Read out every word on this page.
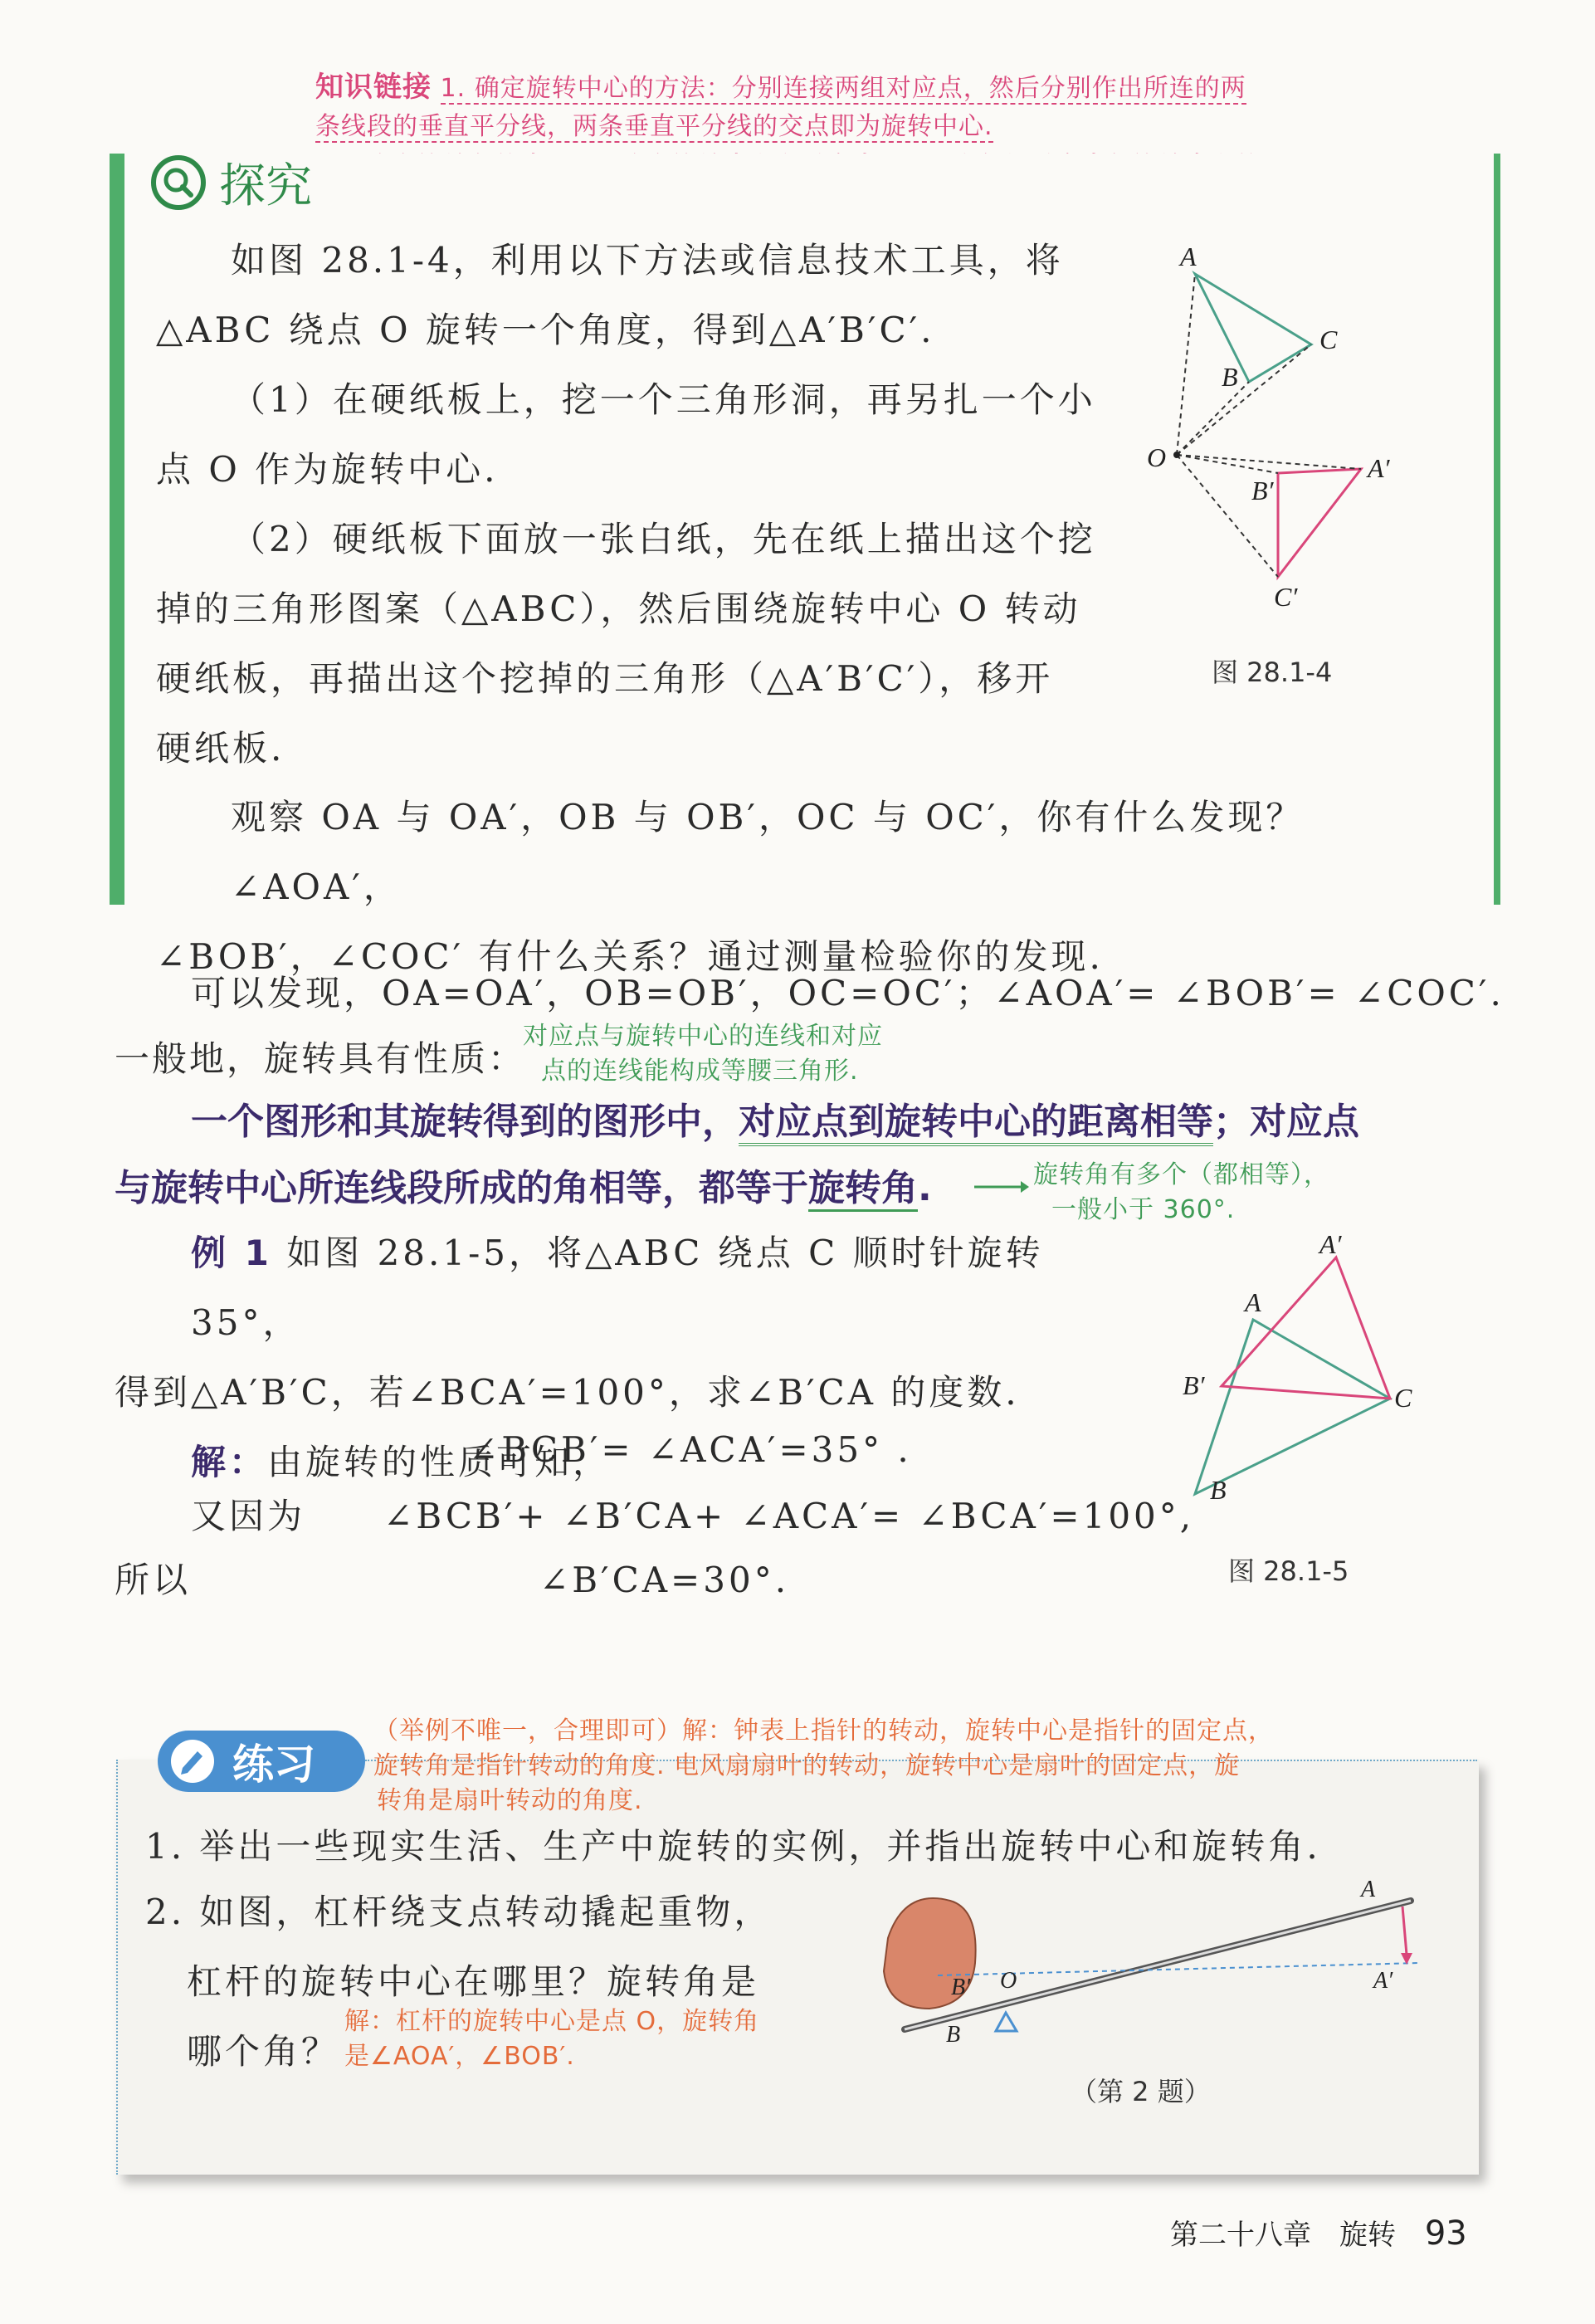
知识链接 1. 确定旋转中心的方法：分别连接两组对应点，然后分别作出所连的两
条线段的垂直平分线，两条垂直平分线的交点即为旋转中心.
探究
如图 28.1-4，利用以下方法或信息技术工具，将
△ABC 绕点 O 旋转一个角度，得到△A′B′C′.
（1）在硬纸板上，挖一个三角形洞，再另扎一个小
点 O 作为旋转中心.
（2）硬纸板下面放一张白纸，先在纸上描出这个挖
掉的三角形图案（△ABC），然后围绕旋转中心 O 转动
硬纸板，再描出这个挖掉的三角形（△A′B′C′），移开
硬纸板.
观察 OA 与 OA′，OB 与 OB′，OC 与 OC′，你有什么发现？∠AOA′，
∠BOB′，∠COC′ 有什么关系？通过测量检验你的发现.
A
B
C
O	A′
B′
C′
图 28.1-4
可以发现，OA=OA′，OB=OB′，OC=OC′；∠AOA′= ∠BOB′= ∠COC′.
一般地，旋转具有性质：
对应点与旋转中心的连线和对应
点的连线能构成等腰三角形.
一个图形和其旋转得到的图形中，对应点到旋转中心的距离相等；对应点
与旋转中心所连线段所成的角相等，都等于旋转角.	旋转角有多个（都相等），
一般小于 360°.
例 1 如图 28.1-5，将△ABC 绕点 C 顺时针旋转 35°，
得到△A′B′C，若∠BCA′=100°，求∠B′CA 的度数.
解：由旋转的性质可知，
∠BCB′= ∠ACA′=35° .
又因为 ∠BCB′+ ∠B′CA+ ∠ACA′= ∠BCA′=100°,
所以	∠B′CA=30°.
A′
A
B′	C
B
图 28.1-5
练习
（举例不唯一，合理即可）解：钟表上指针的转动，旋转中心是指针的固定点，
旋转角是指针转动的角度. 电风扇扇叶的转动，旋转中心是扇叶的固定点，旋
转角是扇叶转动的角度.
1. 举出一些现实生活、生产中旋转的实例，并指出旋转中心和旋转角.
2. 如图，杠杆绕支点转动撬起重物，
杠杆的旋转中心在哪里？旋转角是
哪个角？
解：杠杆的旋转中心是点 O，旋转角
是∠AOA′，∠BOB′.
A
A′
O
B′
B
（第 2 题）
第二十八章　旋转 93
